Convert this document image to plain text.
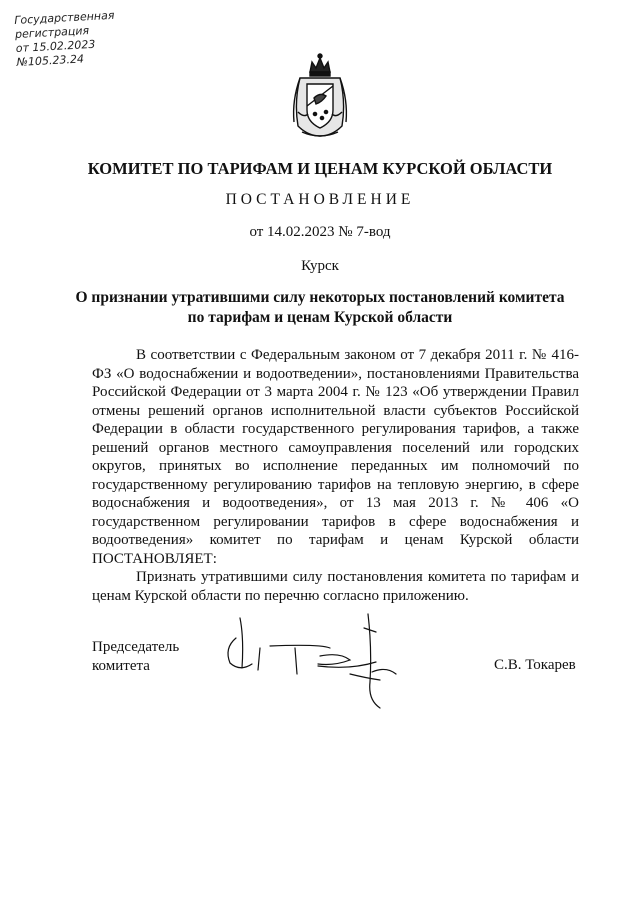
Государственная
регистрация
от 15.02.2023
№105.23.24
КОМИТЕТ ПО ТАРИФАМ И ЦЕНАМ КУРСКОЙ ОБЛАСТИ
ПОСТАНОВЛЕНИЕ
от 14.02.2023 № 7-вод
Курск
О признании утратившими силу некоторых постановлений комитета
по тарифам и ценам Курской области

В соответствии с Федеральным законом от 7 декабря 2011 г. № 416-ФЗ «О водоснабжении и водоотведении», постановлениями Правительства Российской Федерации от 3 марта 2004 г. № 123 «Об утверждении Правил отмены решений органов исполнительной власти субъектов Российской Федерации в области государственного регулирования тарифов, а также решений органов местного самоуправления поселений или городских округов, принятых во исполнение переданных им полномочий по государственному регулированию тарифов на тепловую энергию, в сфере водоснабжения и водоотведения», от 13 мая 2013 г. № 406 «О государственном регулировании тарифов в сфере водоснабжения и водоотведения» комитет по тарифам и ценам Курской области ПОСТАНОВЛЯЕТ:

Признать утратившими силу постановления комитета по тарифам и ценам Курской области по перечню согласно приложению.

Председатель
комитета	С.В. Токарев
